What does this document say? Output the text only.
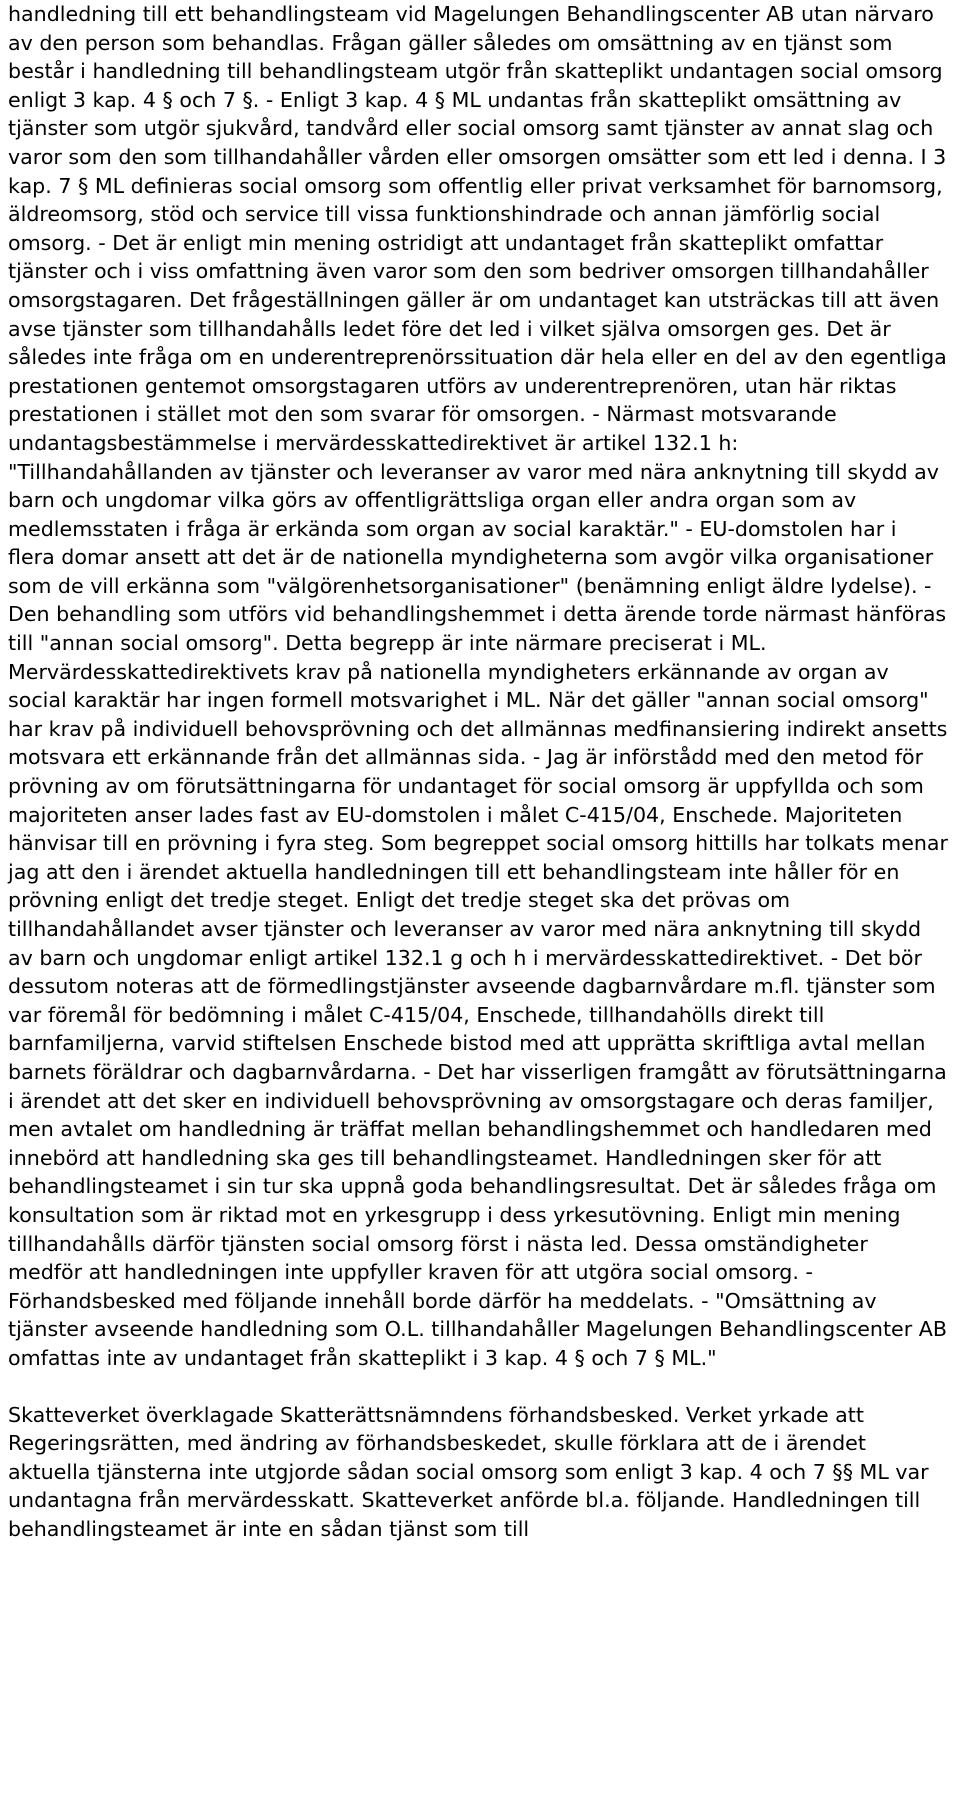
handledning till ett behandlingsteam vid Magelungen Behandlingscenter AB utan närvaro av den person som behandlas. Frågan gäller således om omsättning av en tjänst som består i handledning till behandlingsteam utgör från skatteplikt undantagen social omsorg enligt 3 kap. 4 § och 7 §. - Enligt 3 kap. 4 § ML undantas från skatteplikt omsättning av tjänster som utgör sjukvård, tandvård eller social omsorg samt tjänster av annat slag och varor som den som tillhandahåller vården eller omsorgen omsätter som ett led i denna. I 3 kap. 7 § ML definieras social omsorg som offentlig eller privat verksamhet för barnomsorg, äldreomsorg, stöd och service till vissa funktionshindrade och annan jämförlig social omsorg. - Det är enligt min mening ostridigt att undantaget från skatteplikt omfattar tjänster och i viss omfattning även varor som den som bedriver omsorgen tillhandahåller omsorgstagaren. Det frågeställningen gäller är om undantaget kan utsträckas till att även avse tjänster som tillhandahålls ledet före det led i vilket själva omsorgen ges. Det är således inte fråga om en underentreprenörssituation där hela eller en del av den egentliga prestationen gentemot omsorgstagaren utförs av underentreprenören, utan här riktas prestationen i stället mot den som svarar för omsorgen. - Närmast motsvarande undantagsbestämmelse i mervärdesskattedirektivet är artikel 132.1 h: "Tillhandahållanden av tjänster och leveranser av varor med nära anknytning till skydd av barn och ungdomar vilka görs av offentligrättsliga organ eller andra organ som av medlemsstaten i fråga är erkända som organ av social karaktär." - EU-domstolen har i flera domar ansett att det är de nationella myndigheterna som avgör vilka organisationer som de vill erkänna som "välgörenhetsorganisationer" (benämning enligt äldre lydelse). - Den behandling som utförs vid behandlingshemmet i detta ärende torde närmast hänföras till "annan social omsorg". Detta begrepp är inte närmare preciserat i ML. Mervärdesskattedirektivets krav på nationella myndigheters erkännande av organ av social karaktär har ingen formell motsvarighet i ML. När det gäller "annan social omsorg" har krav på individuell behovsprövning och det allmännas medfinansiering indirekt ansetts motsvara ett erkännande från det allmännas sida. - Jag är införstådd med den metod för prövning av om förutsättningarna för undantaget för social omsorg är uppfyllda och som majoriteten anser lades fast av EU-domstolen i målet C-415/04, Enschede. Majoriteten hänvisar till en prövning i fyra steg. Som begreppet social omsorg hittills har tolkats menar jag att den i ärendet aktuella handledningen till ett behandlingsteam inte håller för en prövning enligt det tredje steget. Enligt det tredje steget ska det prövas om tillhandahållandet avser tjänster och leveranser av varor med nära anknytning till skydd av barn och ungdomar enligt artikel 132.1 g och h i mervärdesskattedirektivet. - Det bör dessutom noteras att de förmedlingstjänster avseende dagbarnvårdare m.fl. tjänster som var föremål för bedömning i målet C-415/04, Enschede, tillhandahölls direkt till barnfamiljerna, varvid stiftelsen Enschede bistod med att upprätta skriftliga avtal mellan barnets föräldrar och dagbarnvårdarna. - Det har visserligen framgått av förutsättningarna i ärendet att det sker en individuell behovsprövning av omsorgstagare och deras familjer, men avtalet om handledning är träffat mellan behandlingshemmet och handledaren med innebörd att handledning ska ges till behandlingsteamet. Handledningen sker för att behandlingsteamet i sin tur ska uppnå goda behandlingsresultat. Det är således fråga om konsultation som är riktad mot en yrkesgrupp i dess yrkesutövning. Enligt min mening tillhandahålls därför tjänsten social omsorg först i nästa led. Dessa omständigheter medför att handledningen inte uppfyller kraven för att utgöra social omsorg. - Förhandsbesked med följande innehåll borde därför ha meddelats. - "Omsättning av tjänster avseende handledning som O.L. tillhandahåller Magelungen Behandlingscenter AB omfattas inte av undantaget från skatteplikt i 3 kap. 4 § och 7 § ML."

Skatteverket överklagade Skatterättsnämndens förhandsbesked. Verket yrkade att Regeringsrätten, med ändring av förhandsbeskedet, skulle förklara att de i ärendet aktuella tjänsterna inte utgjorde sådan social omsorg som enligt 3 kap. 4 och 7 §§ ML var undantagna från mervärdesskatt. Skatteverket anförde bl.a. följande. Handledningen till behandlingsteamet är inte en sådan tjänst som till
